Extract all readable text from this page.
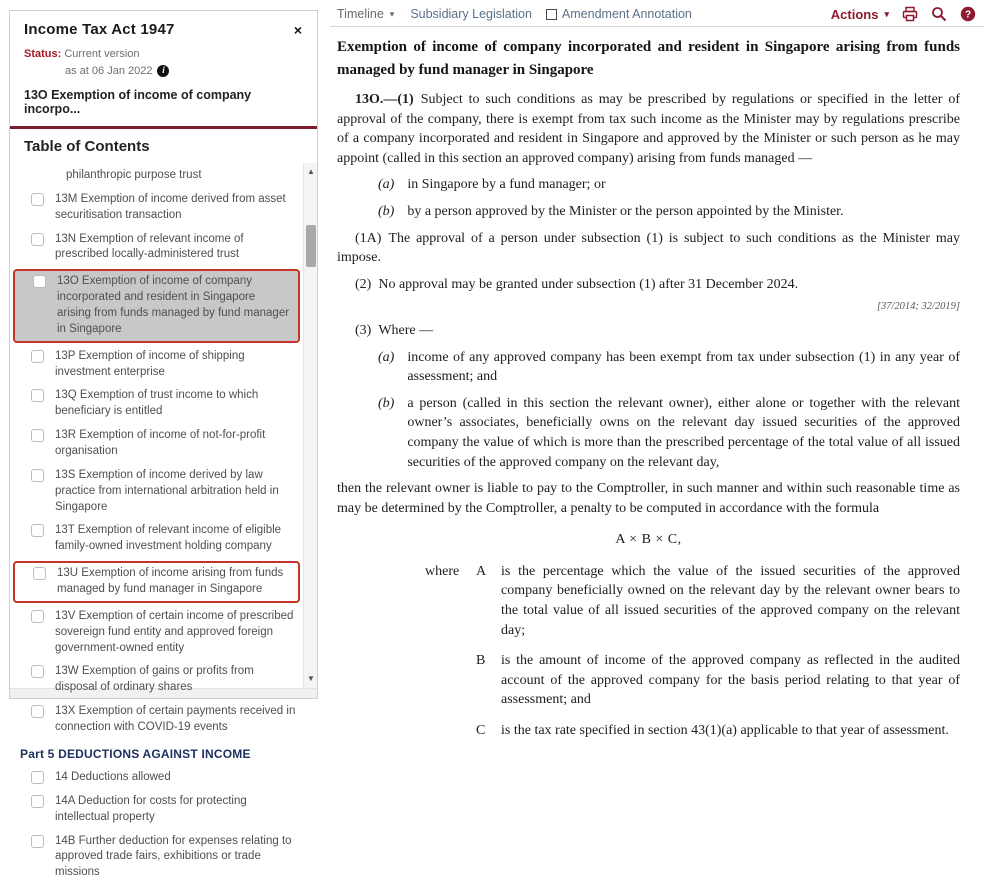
Income Tax Act 1947	×
Status: Current version
as at 06 Jan 2022	i
13O Exemption of income of company incorpo...
Table of Contents
philanthropic purpose trust
13M Exemption of income derived from asset securitisation transaction
13N Exemption of relevant income of prescribed locally-administered trust
13O Exemption of income of company incorporated and resident in Singapore arising from funds managed by fund manager in Singapore
13P Exemption of income of shipping investment enterprise
13Q Exemption of trust income to which beneficiary is entitled
13R Exemption of income of not-for-profit organisation
13S Exemption of income derived by law practice from international arbitration held in Singapore
13T Exemption of relevant income of eligible family-owned investment holding company
13U Exemption of income arising from funds managed by fund manager in Singapore
13V Exemption of certain income of prescribed sovereign fund entity and approved foreign government-owned entity
13W Exemption of gains or profits from disposal of ordinary shares
13X Exemption of certain payments received in connection with COVID-19 events
Part 5 DEDUCTIONS AGAINST INCOME
14 Deductions allowed
14A Deduction for costs for protecting intellectual property
14B Further deduction for expenses relating to approved trade fairs, exhibitions or trade missions
▲
▼
Timeline ▾ Subsidiary Legislation Amendment Annotation	Actions ▾	?
Exemption of income of company incorporated and resident in Singapore arising from funds managed by fund manager in Singapore

13O.—(1) Subject to such conditions as may be prescribed by regulations or specified in the letter of approval of the company, there is exempt from tax such income as the Minister may by regulations prescribe of a company incorporated and resident in Singapore and approved by the Minister or such person as he may appoint (called in this section an approved company) arising from funds managed —

(a) in Singapore by a fund manager; or
(b) by a person approved by the Minister or the person appointed by the Minister.

(1A) The approval of a person under subsection (1) is subject to such conditions as the Minister may impose.

(2) No approval may be granted under subsection (1) after 31 December 2024.

[37/2014; 32/2019]

(3) Where —

(a) income of any approved company has been exempt from tax under subsection (1) in any year of assessment; and
(b) a person (called in this section the relevant owner), either alone or together with the relevant owner’s associates, beneficially owns on the relevant day issued securities of the approved company the value of which is more than the prescribed percentage of the total value of all issued securities of the approved company on the relevant day,

then the relevant owner is liable to pay to the Comptroller, in such manner and within such reasonable time as may be determined by the Comptroller, a penalty to be computed in accordance with the formula

A × B × C,
where	A	is the percentage which the value of the issued securities of the approved company beneficially owned on the relevant day by the relevant owner bears to the total value of all issued securities of the approved company on the relevant day;
B	is the amount of income of the approved company as reflected in the audited account of the approved company for the basis period relating to that year of assessment; and
C	is the tax rate specified in section 43(1)(a) applicable to that year of assessment.
